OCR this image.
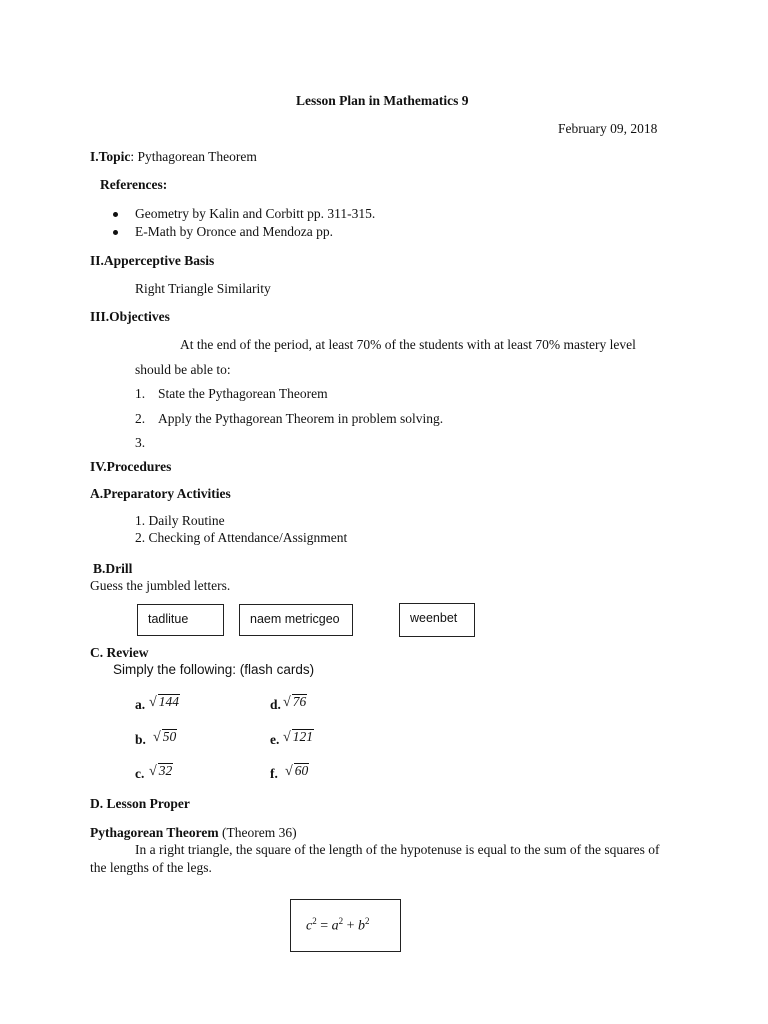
Lesson Plan in Mathematics 9
February 09, 2018
I.Topic: Pythagorean Theorem
References:
Geometry by Kalin and Corbitt pp. 311-315.
E-Math by Oronce and Mendoza pp.
II.Apperceptive Basis
Right Triangle Similarity
III.Objectives
At the end of the period, at least 70% of the students with at least 70% mastery level
should be able to:
1. State the Pythagorean Theorem
2. Apply the Pythagorean Theorem in problem solving.
3.
IV.Procedures
A.Preparatory Activities
1. Daily Routine
2. Checking of Attendance/Assignment
B.Drill
Guess the jumbled letters.
tadlitue	naem metricgeo	weenbet
C. Review
Simply the following: (flash cards)
a. √ 144	d. √ 76
b. √ 50	e. √ 121
c. √ 32	f. √ 60
D. Lesson Proper
Pythagorean Theorem (Theorem 36)
In a right triangle, the square of the length of the hypotenuse is equal to the sum of the squares of
the lengths of the legs.
$c^2 = a^2 + b^2$
